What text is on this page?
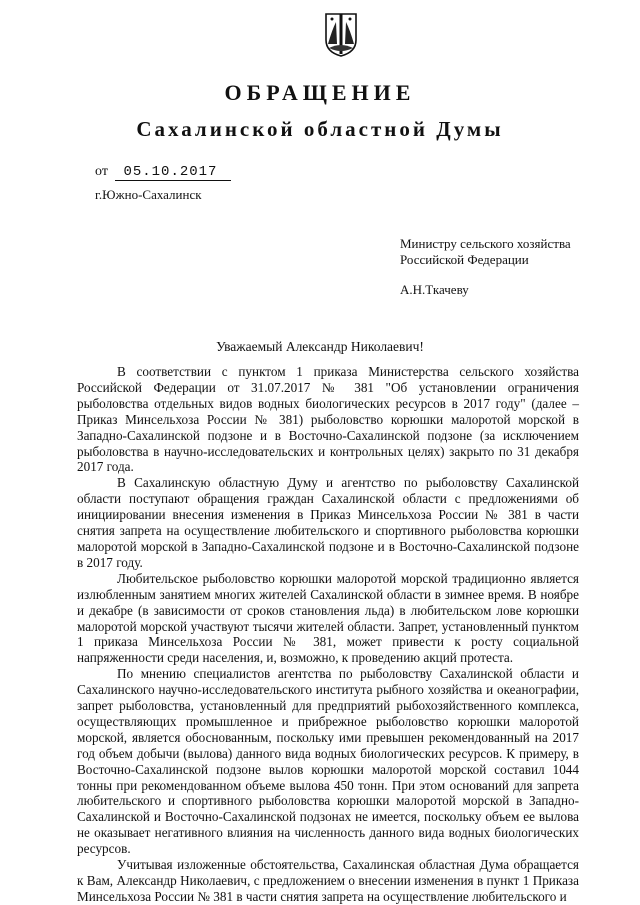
ОБРАЩЕНИЕ
Сахалинской областной Думы
от 05.10.2017
г.Южно-Сахалинск
Министру сельского хозяйства
Российской Федерации
А.Н.Ткачеву
Уважаемый Александр Николаевич!

В соответствии с пунктом 1 приказа Министерства сельского хозяйства Российской Федерации от 31.07.2017 № 381 "Об установлении ограничения рыболовства отдельных видов водных биологических ресурсов в 2017 году" (далее – Приказ Минсельхоза России № 381) рыболовство корюшки малоротой морской в Западно-Сахалинской подзоне и в Восточно-Сахалинской подзоне (за исключением рыболовства в научно-исследовательских и контрольных целях) закрыто по 31 декабря 2017 года.

В Сахалинскую областную Думу и агентство по рыболовству Сахалинской области поступают обращения граждан Сахалинской области с предложениями об инициировании внесения изменения в Приказ Минсельхоза России № 381 в части снятия запрета на осуществление любительского и спортивного рыболовства корюшки малоротой морской в Западно-Сахалинской подзоне и в Восточно-Сахалинской подзоне в 2017 году.

Любительское рыболовство корюшки малоротой морской традиционно является излюбленным занятием многих жителей Сахалинской области в зимнее время. В ноябре и декабре (в зависимости от сроков становления льда) в любительском лове корюшки малоротой морской участвуют тысячи жителей области. Запрет, установленный пунктом 1 приказа Минсельхоза России № 381, может привести к росту социальной напряженности среди населения, и, возможно, к проведению акций протеста.

По мнению специалистов агентства по рыболовству Сахалинской области и Сахалинского научно-исследовательского института рыбного хозяйства и океанографии, запрет рыболовства, установленный для предприятий рыбохозяйственного комплекса, осуществляющих промышленное и прибрежное рыболовство корюшки малоротой морской, является обоснованным, поскольку ими превышен рекомендованный на 2017 год объем добычи (вылова) данного вида водных биологических ресурсов. К примеру, в Восточно-Сахалинской подзоне вылов корюшки малоротой морской составил 1044 тонны при рекомендованном объеме вылова 450 тонн. При этом оснований для запрета любительского и спортивного рыболовства корюшки малоротой морской в Западно-Сахалинской и Восточно-Сахалинской подзонах не имеется, поскольку объем ее вылова не оказывает негативного влияния на численность данного вида водных биологических ресурсов.

Учитывая изложенные обстоятельства, Сахалинская областная Дума обращается к Вам, Александр Николаевич, с предложением о внесении изменения в пункт 1 Приказа Минсельхоза России № 381 в части снятия запрета на осуществление любительского и
